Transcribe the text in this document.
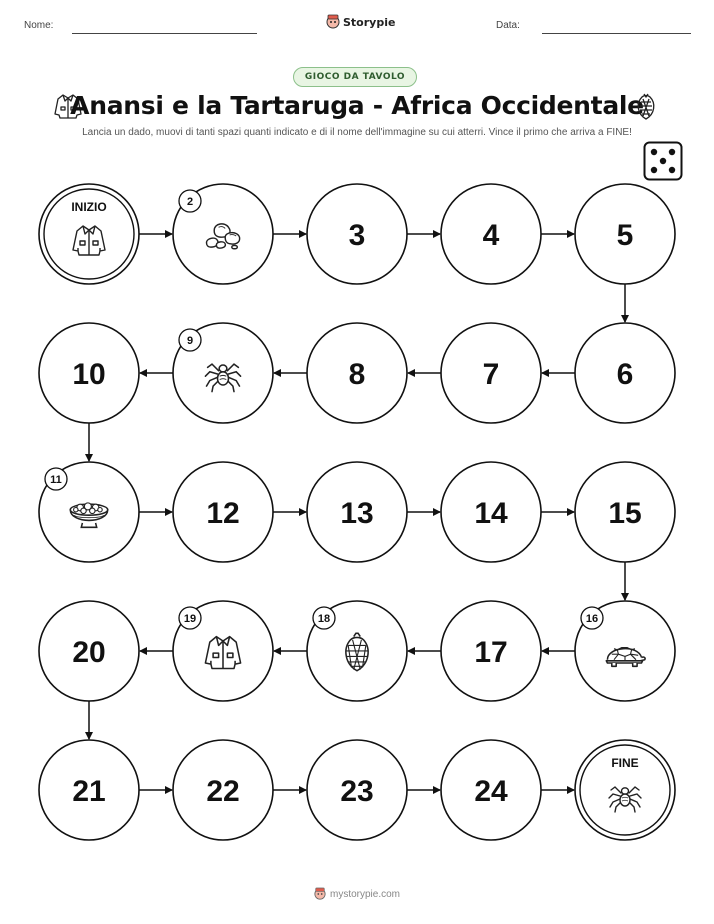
Nome:	Storypie	Data:
GIOCO DA TAVOLO
Anansi e la Tartaruga - Africa Occidentale
Lancia un dado, muovi di tanti spazi quanti indicato e di il nome dell'immagine su cui atterri. Vince il primo che arriva a FINE!
INIZIO	2
3	4	5
6
7
8
9
10
11
12	13	14	15
16
17
18
19
20
21	22	23	24
FINE
mystorypie.com
